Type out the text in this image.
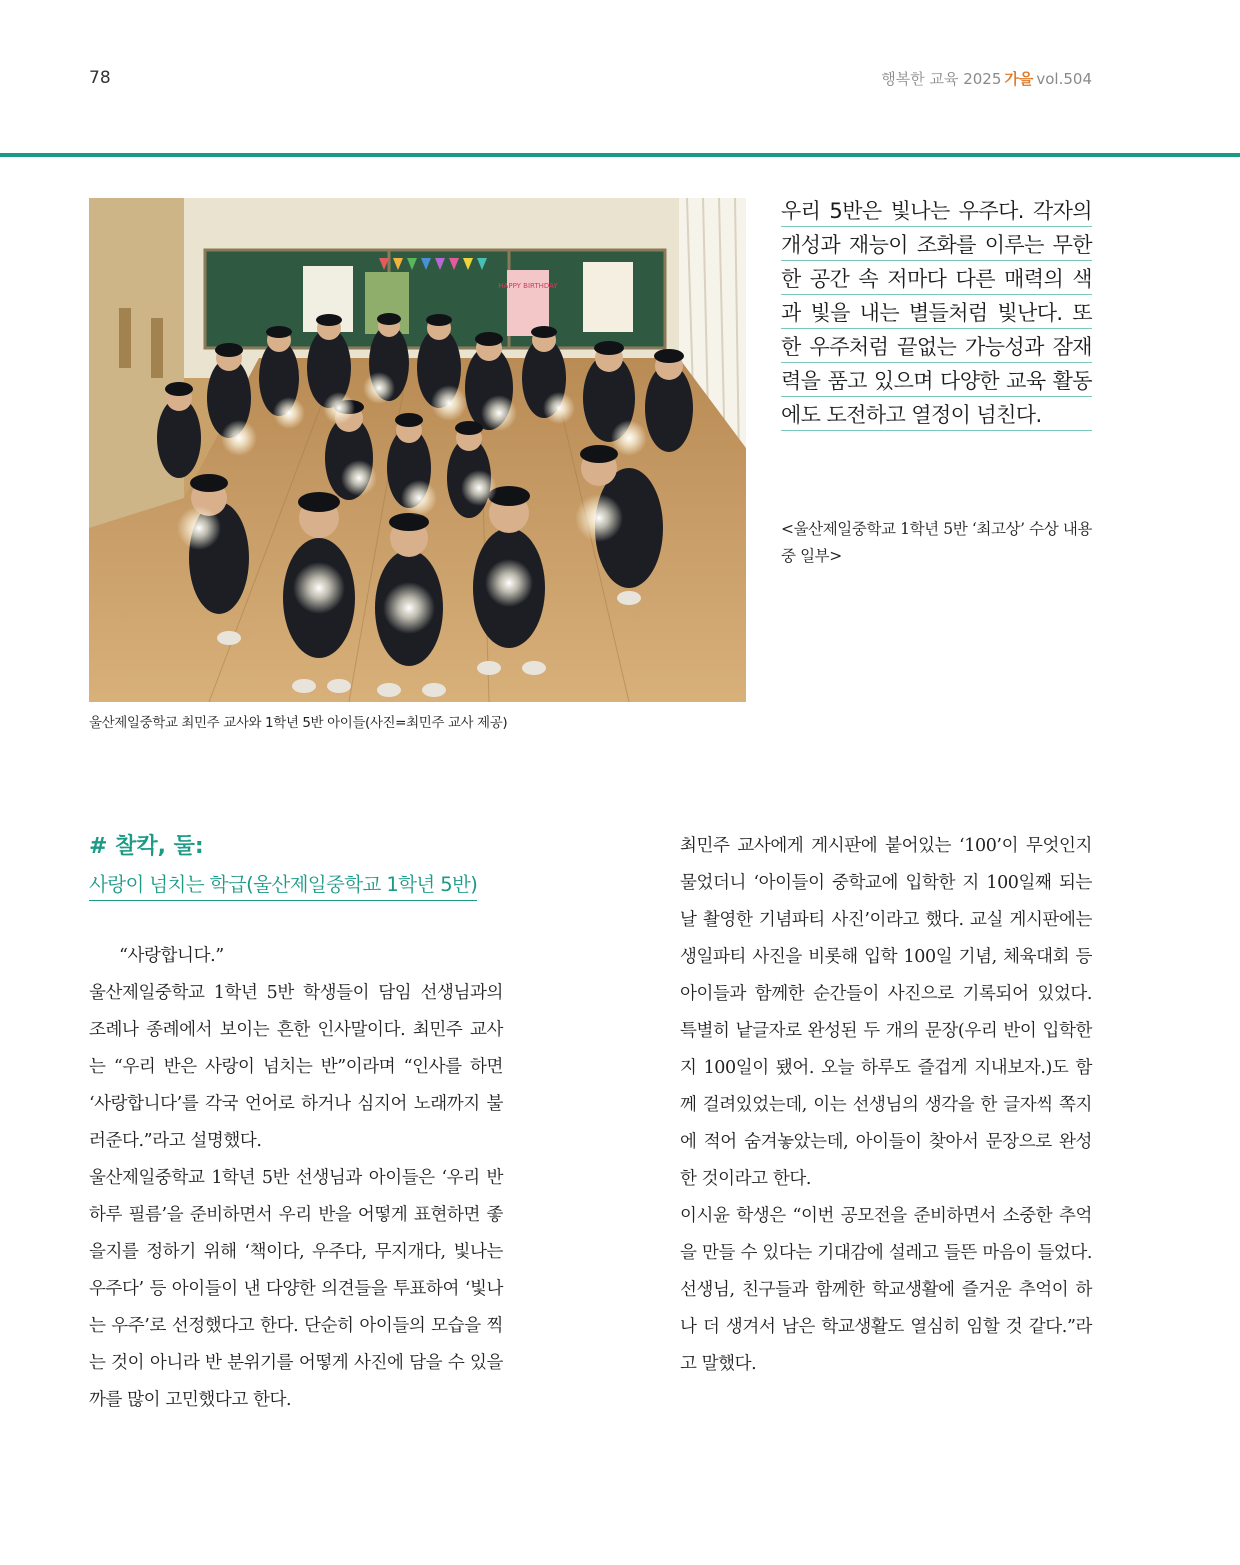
78	행복한 교육 2025 가을 vol.504
HAPPY BIRTHDAY
울산제일중학교 최민주 교사와 1학년 5반 아이들(사진=최민주 교사 제공)
우리 5반은 빛나는 우주다. 각자의 개성과 재능이 조화를 이루는 무한한 공간 속 저마다 다른 매력의 색과 빛을 내는 별들처럼 빛난다. 또한 우주처럼 끝없는 가능성과 잠재력을 품고 있으며 다양한 교육 활동에도 도전하고 열정이 넘친다.
<울산제일중학교 1학년 5반 ‘최고상’ 수상 내용 중 일부>
# 찰칵, 둘:
사랑이 넘치는 학급(울산제일중학교 1학년 5반)

“사랑합니다.”

울산제일중학교 1학년 5반 학생들이 담임 선생님과의 조례나 종례에서 보이는 흔한 인사말이다. 최민주 교사는 “우리 반은 사랑이 넘치는 반”이라며 “인사를 하면 ‘사랑합니다’를 각국 언어로 하거나 심지어 노래까지 불러준다.”라고 설명했다.

울산제일중학교 1학년 5반 선생님과 아이들은 ‘우리 반 하루 필름’을 준비하면서 우리 반을 어떻게 표현하면 좋을지를 정하기 위해 ‘책이다, 우주다, 무지개다, 빛나는 우주다’ 등 아이들이 낸 다양한 의견들을 투표하여 ‘빛나는 우주’로 선정했다고 한다. 단순히 아이들의 모습을 찍는 것이 아니라 반 분위기를 어떻게 사진에 담을 수 있을까를 많이 고민했다고 한다.

최민주 교사에게 게시판에 붙어있는 ‘100’이 무엇인지 물었더니 ‘아이들이 중학교에 입학한 지 100일째 되는 날 촬영한 기념파티 사진’이라고 했다. 교실 게시판에는 생일파티 사진을 비롯해 입학 100일 기념, 체육대회 등 아이들과 함께한 순간들이 사진으로 기록되어 있었다. 특별히 낱글자로 완성된 두 개의 문장(우리 반이 입학한 지 100일이 됐어. 오늘 하루도 즐겁게 지내보자.)도 함께 걸려있었는데, 이는 선생님의 생각을 한 글자씩 쪽지에 적어 숨겨놓았는데, 아이들이 찾아서 문장으로 완성한 것이라고 한다.

이시윤 학생은 “이번 공모전을 준비하면서 소중한 추억을 만들 수 있다는 기대감에 설레고 들뜬 마음이 들었다. 선생님, 친구들과 함께한 학교생활에 즐거운 추억이 하나 더 생겨서 남은 학교생활도 열심히 임할 것 같다.”라고 말했다.
